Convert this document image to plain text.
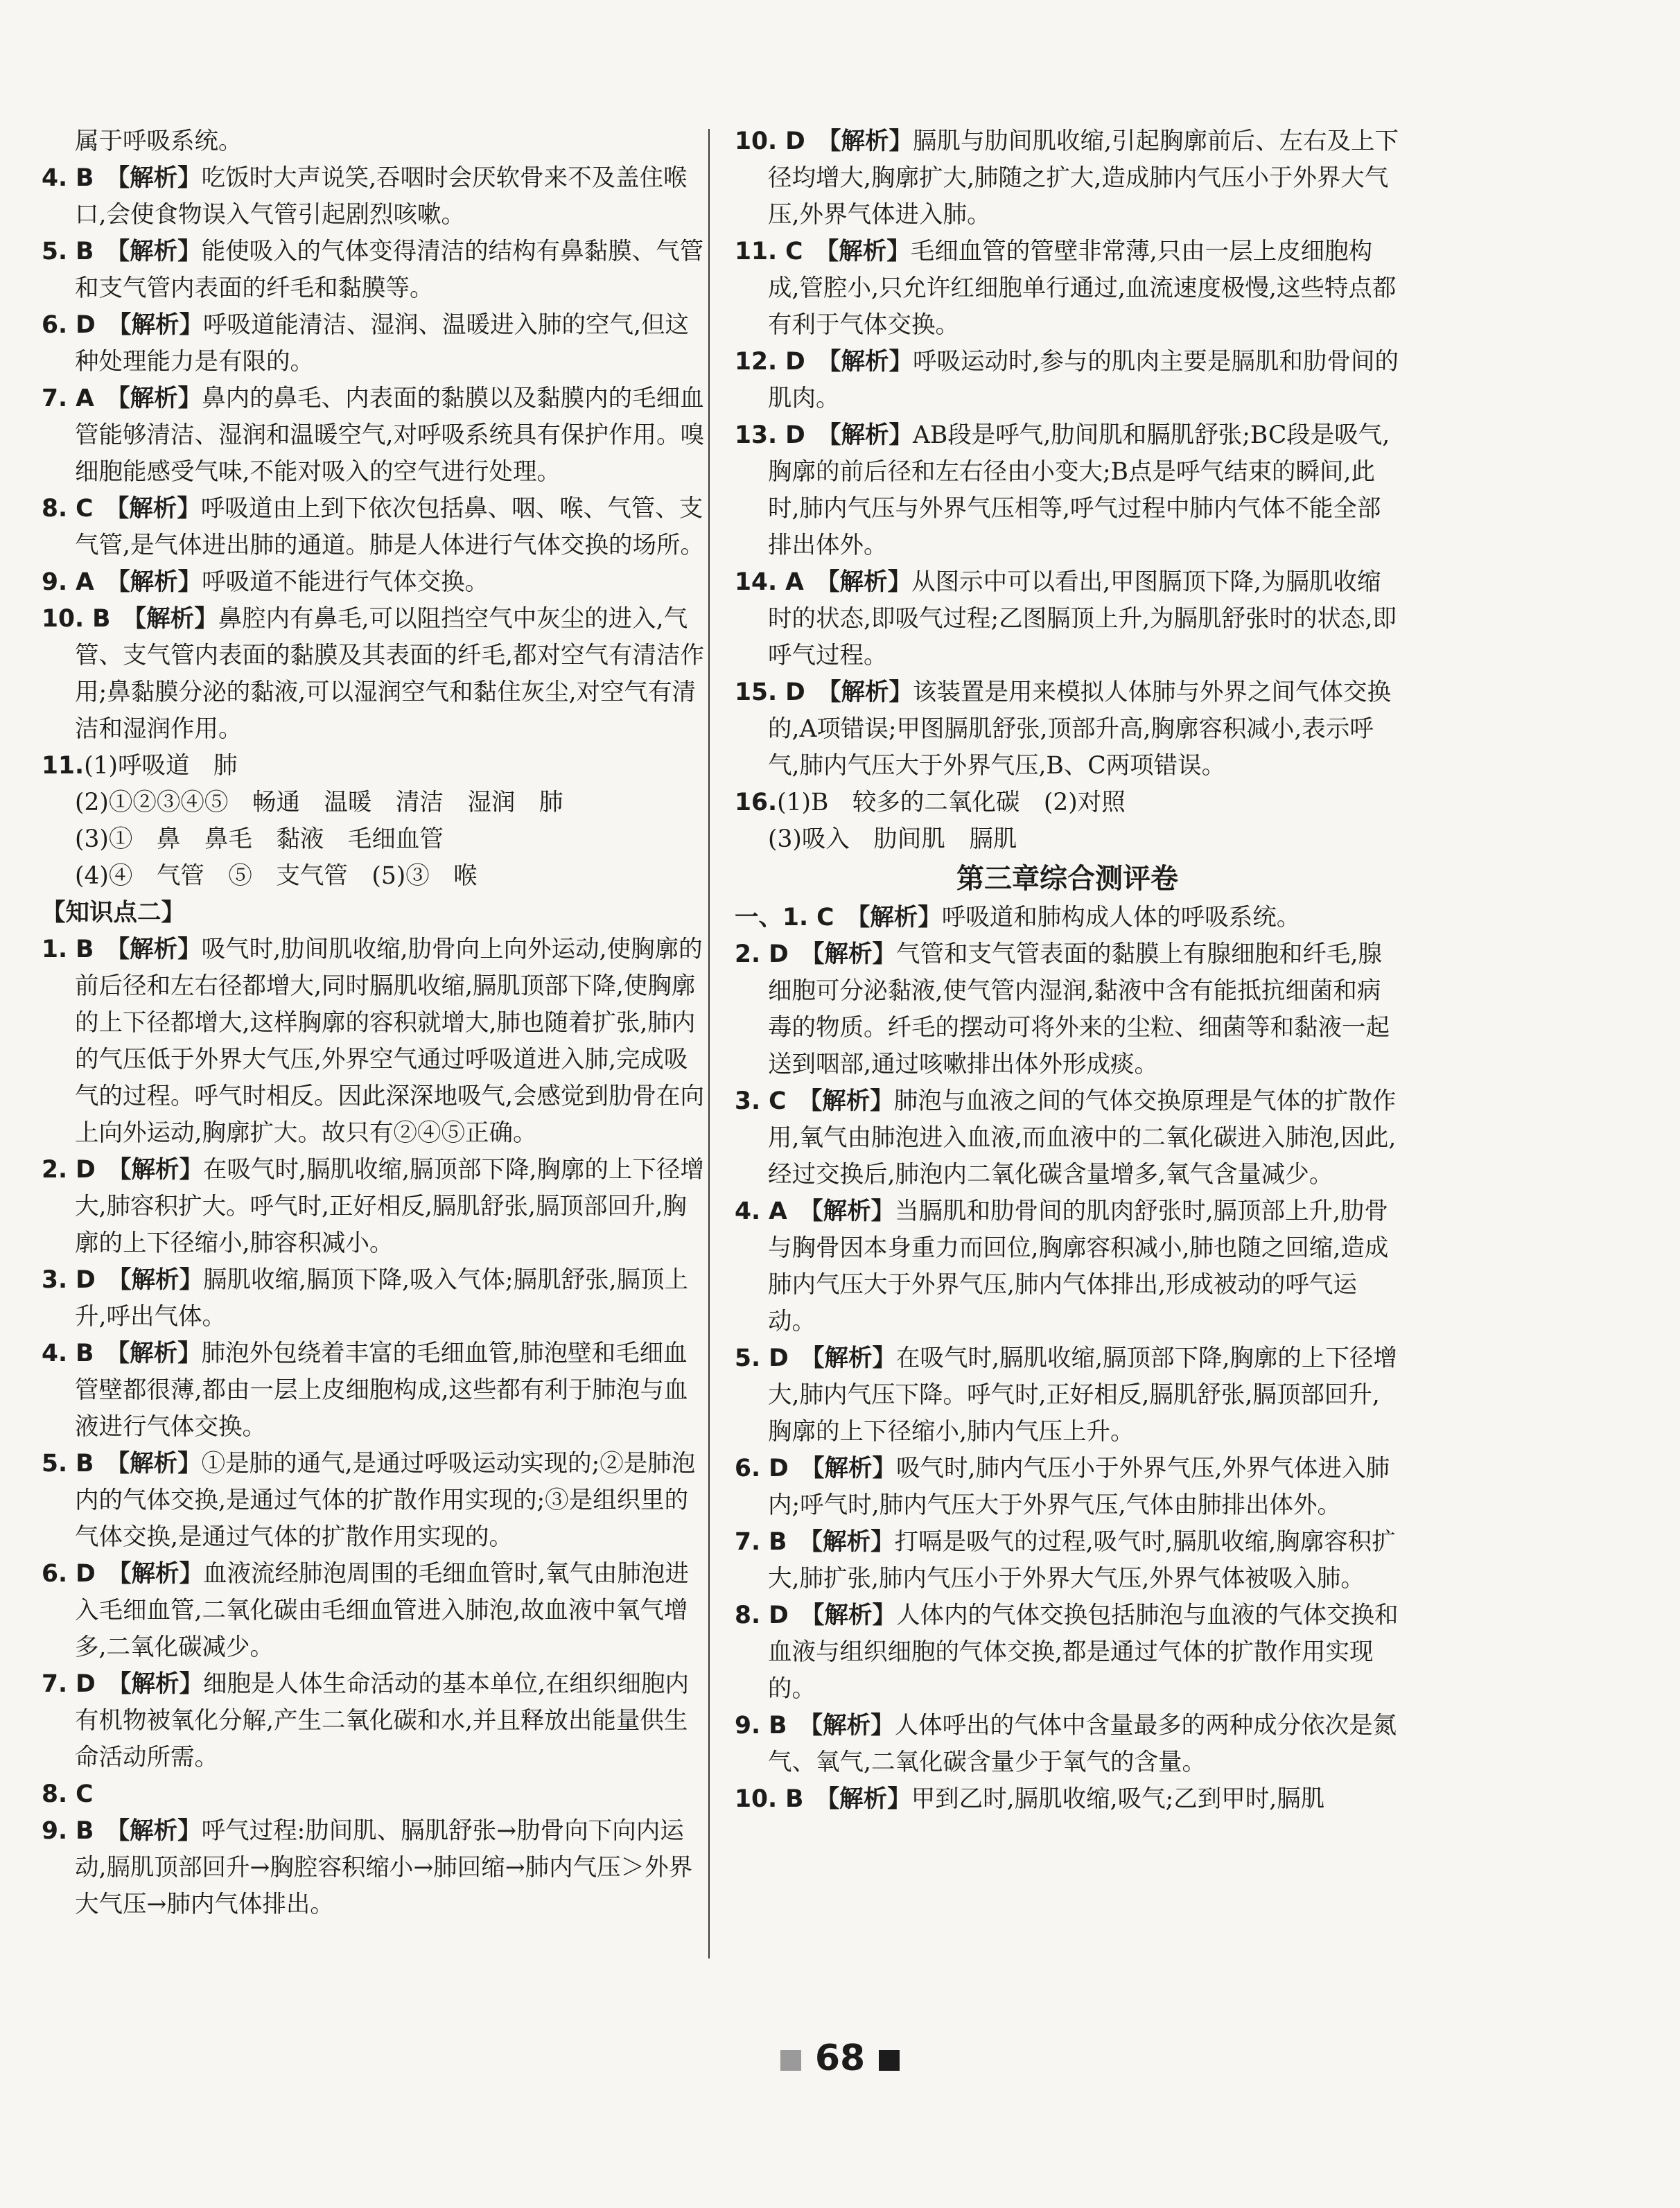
属于呼吸系统。

4. B  【解析】吃饭时大声说笑,吞咽时会厌软骨来不及盖住喉口,会使食物误入气管引起剧烈咳嗽。

5. B  【解析】能使吸入的气体变得清洁的结构有鼻黏膜、气管和支气管内表面的纤毛和黏膜等。

6. D  【解析】呼吸道能清洁、湿润、温暖进入肺的空气,但这种处理能力是有限的。

7. A  【解析】鼻内的鼻毛、内表面的黏膜以及黏膜内的毛细血管能够清洁、湿润和温暖空气,对呼吸系统具有保护作用。嗅细胞能感受气味,不能对吸入的空气进行处理。

8. C  【解析】呼吸道由上到下依次包括鼻、咽、喉、气管、支气管,是气体进出肺的通道。肺是人体进行气体交换的场所。

9. A  【解析】呼吸道不能进行气体交换。

10. B  【解析】鼻腔内有鼻毛,可以阻挡空气中灰尘的进入,气管、支气管内表面的黏膜及其表面的纤毛,都对空气有清洁作用;鼻黏膜分泌的黏液,可以湿润空气和黏住灰尘,对空气有清洁和湿润作用。

11.(1)呼吸道　肺

(2)①②③④⑤　畅通　温暖　清洁　湿润　肺

(3)①　鼻　鼻毛　黏液　毛细血管

(4)④　气管　⑤　支气管　(5)③　喉

【知识点二】

1. B  【解析】吸气时,肋间肌收缩,肋骨向上向外运动,使胸廓的前后径和左右径都增大,同时膈肌收缩,膈肌顶部下降,使胸廓的上下径都增大,这样胸廓的容积就增大,肺也随着扩张,肺内的气压低于外界大气压,外界空气通过呼吸道进入肺,完成吸气的过程。呼气时相反。因此深深地吸气,会感觉到肋骨在向上向外运动,胸廓扩大。故只有②④⑤正确。

2. D  【解析】在吸气时,膈肌收缩,膈顶部下降,胸廓的上下径增大,肺容积扩大。呼气时,正好相反,膈肌舒张,膈顶部回升,胸廓的上下径缩小,肺容积减小。

3. D  【解析】膈肌收缩,膈顶下降,吸入气体;膈肌舒张,膈顶上升,呼出气体。

4. B  【解析】肺泡外包绕着丰富的毛细血管,肺泡壁和毛细血管壁都很薄,都由一层上皮细胞构成,这些都有利于肺泡与血液进行气体交换。

5. B  【解析】①是肺的通气,是通过呼吸运动实现的;②是肺泡内的气体交换,是通过气体的扩散作用实现的;③是组织里的气体交换,是通过气体的扩散作用实现的。

6. D  【解析】血液流经肺泡周围的毛细血管时,氧气由肺泡进入毛细血管,二氧化碳由毛细血管进入肺泡,故血液中氧气增多,二氧化碳减少。

7. D  【解析】细胞是人体生命活动的基本单位,在组织细胞内有机物被氧化分解,产生二氧化碳和水,并且释放出能量供生命活动所需。

8. C 

9. B  【解析】呼气过程:肋间肌、膈肌舒张→肋骨向下向内运动,膈肌顶部回升→胸腔容积缩小→肺回缩→肺内气压＞外界大气压→肺内气体排出。

10. D  【解析】膈肌与肋间肌收缩,引起胸廓前后、左右及上下径均增大,胸廓扩大,肺随之扩大,造成肺内气压小于外界大气压,外界气体进入肺。

11. C  【解析】毛细血管的管壁非常薄,只由一层上皮细胞构成,管腔小,只允许红细胞单行通过,血流速度极慢,这些特点都有利于气体交换。

12. D  【解析】呼吸运动时,参与的肌肉主要是膈肌和肋骨间的肌肉。

13. D  【解析】AB段是呼气,肋间肌和膈肌舒张;BC段是吸气,胸廓的前后径和左右径由小变大;B点是呼气结束的瞬间,此时,肺内气压与外界气压相等,呼气过程中肺内气体不能全部排出体外。

14. A  【解析】从图示中可以看出,甲图膈顶下降,为膈肌收缩时的状态,即吸气过程;乙图膈顶上升,为膈肌舒张时的状态,即呼气过程。

15. D  【解析】该装置是用来模拟人体肺与外界之间气体交换的,A项错误;甲图膈肌舒张,顶部升高,胸廓容积减小,表示呼气,肺内气压大于外界气压,B、C两项错误。

16.(1)B　较多的二氧化碳　(2)对照

(3)吸入　肋间肌　膈肌

第三章综合测评卷

一、1. C  【解析】呼吸道和肺构成人体的呼吸系统。

2. D  【解析】气管和支气管表面的黏膜上有腺细胞和纤毛,腺细胞可分泌黏液,使气管内湿润,黏液中含有能抵抗细菌和病毒的物质。纤毛的摆动可将外来的尘粒、细菌等和黏液一起送到咽部,通过咳嗽排出体外形成痰。

3. C  【解析】肺泡与血液之间的气体交换原理是气体的扩散作用,氧气由肺泡进入血液,而血液中的二氧化碳进入肺泡,因此,经过交换后,肺泡内二氧化碳含量增多,氧气含量减少。

4. A  【解析】当膈肌和肋骨间的肌肉舒张时,膈顶部上升,肋骨与胸骨因本身重力而回位,胸廓容积减小,肺也随之回缩,造成肺内气压大于外界气压,肺内气体排出,形成被动的呼气运动。

5. D  【解析】在吸气时,膈肌收缩,膈顶部下降,胸廓的上下径增大,肺内气压下降。呼气时,正好相反,膈肌舒张,膈顶部回升,胸廓的上下径缩小,肺内气压上升。

6. D  【解析】吸气时,肺内气压小于外界气压,外界气体进入肺内;呼气时,肺内气压大于外界气压,气体由肺排出体外。

7. B  【解析】打嗝是吸气的过程,吸气时,膈肌收缩,胸廓容积扩大,肺扩张,肺内气压小于外界大气压,外界气体被吸入肺。

8. D  【解析】人体内的气体交换包括肺泡与血液的气体交换和血液与组织细胞的气体交换,都是通过气体的扩散作用实现的。

9. B  【解析】人体呼出的气体中含量最多的两种成分依次是氮气、氧气,二氧化碳含量少于氧气的含量。

10. B  【解析】甲到乙时,膈肌收缩,吸气;乙到甲时,膈肌

68
